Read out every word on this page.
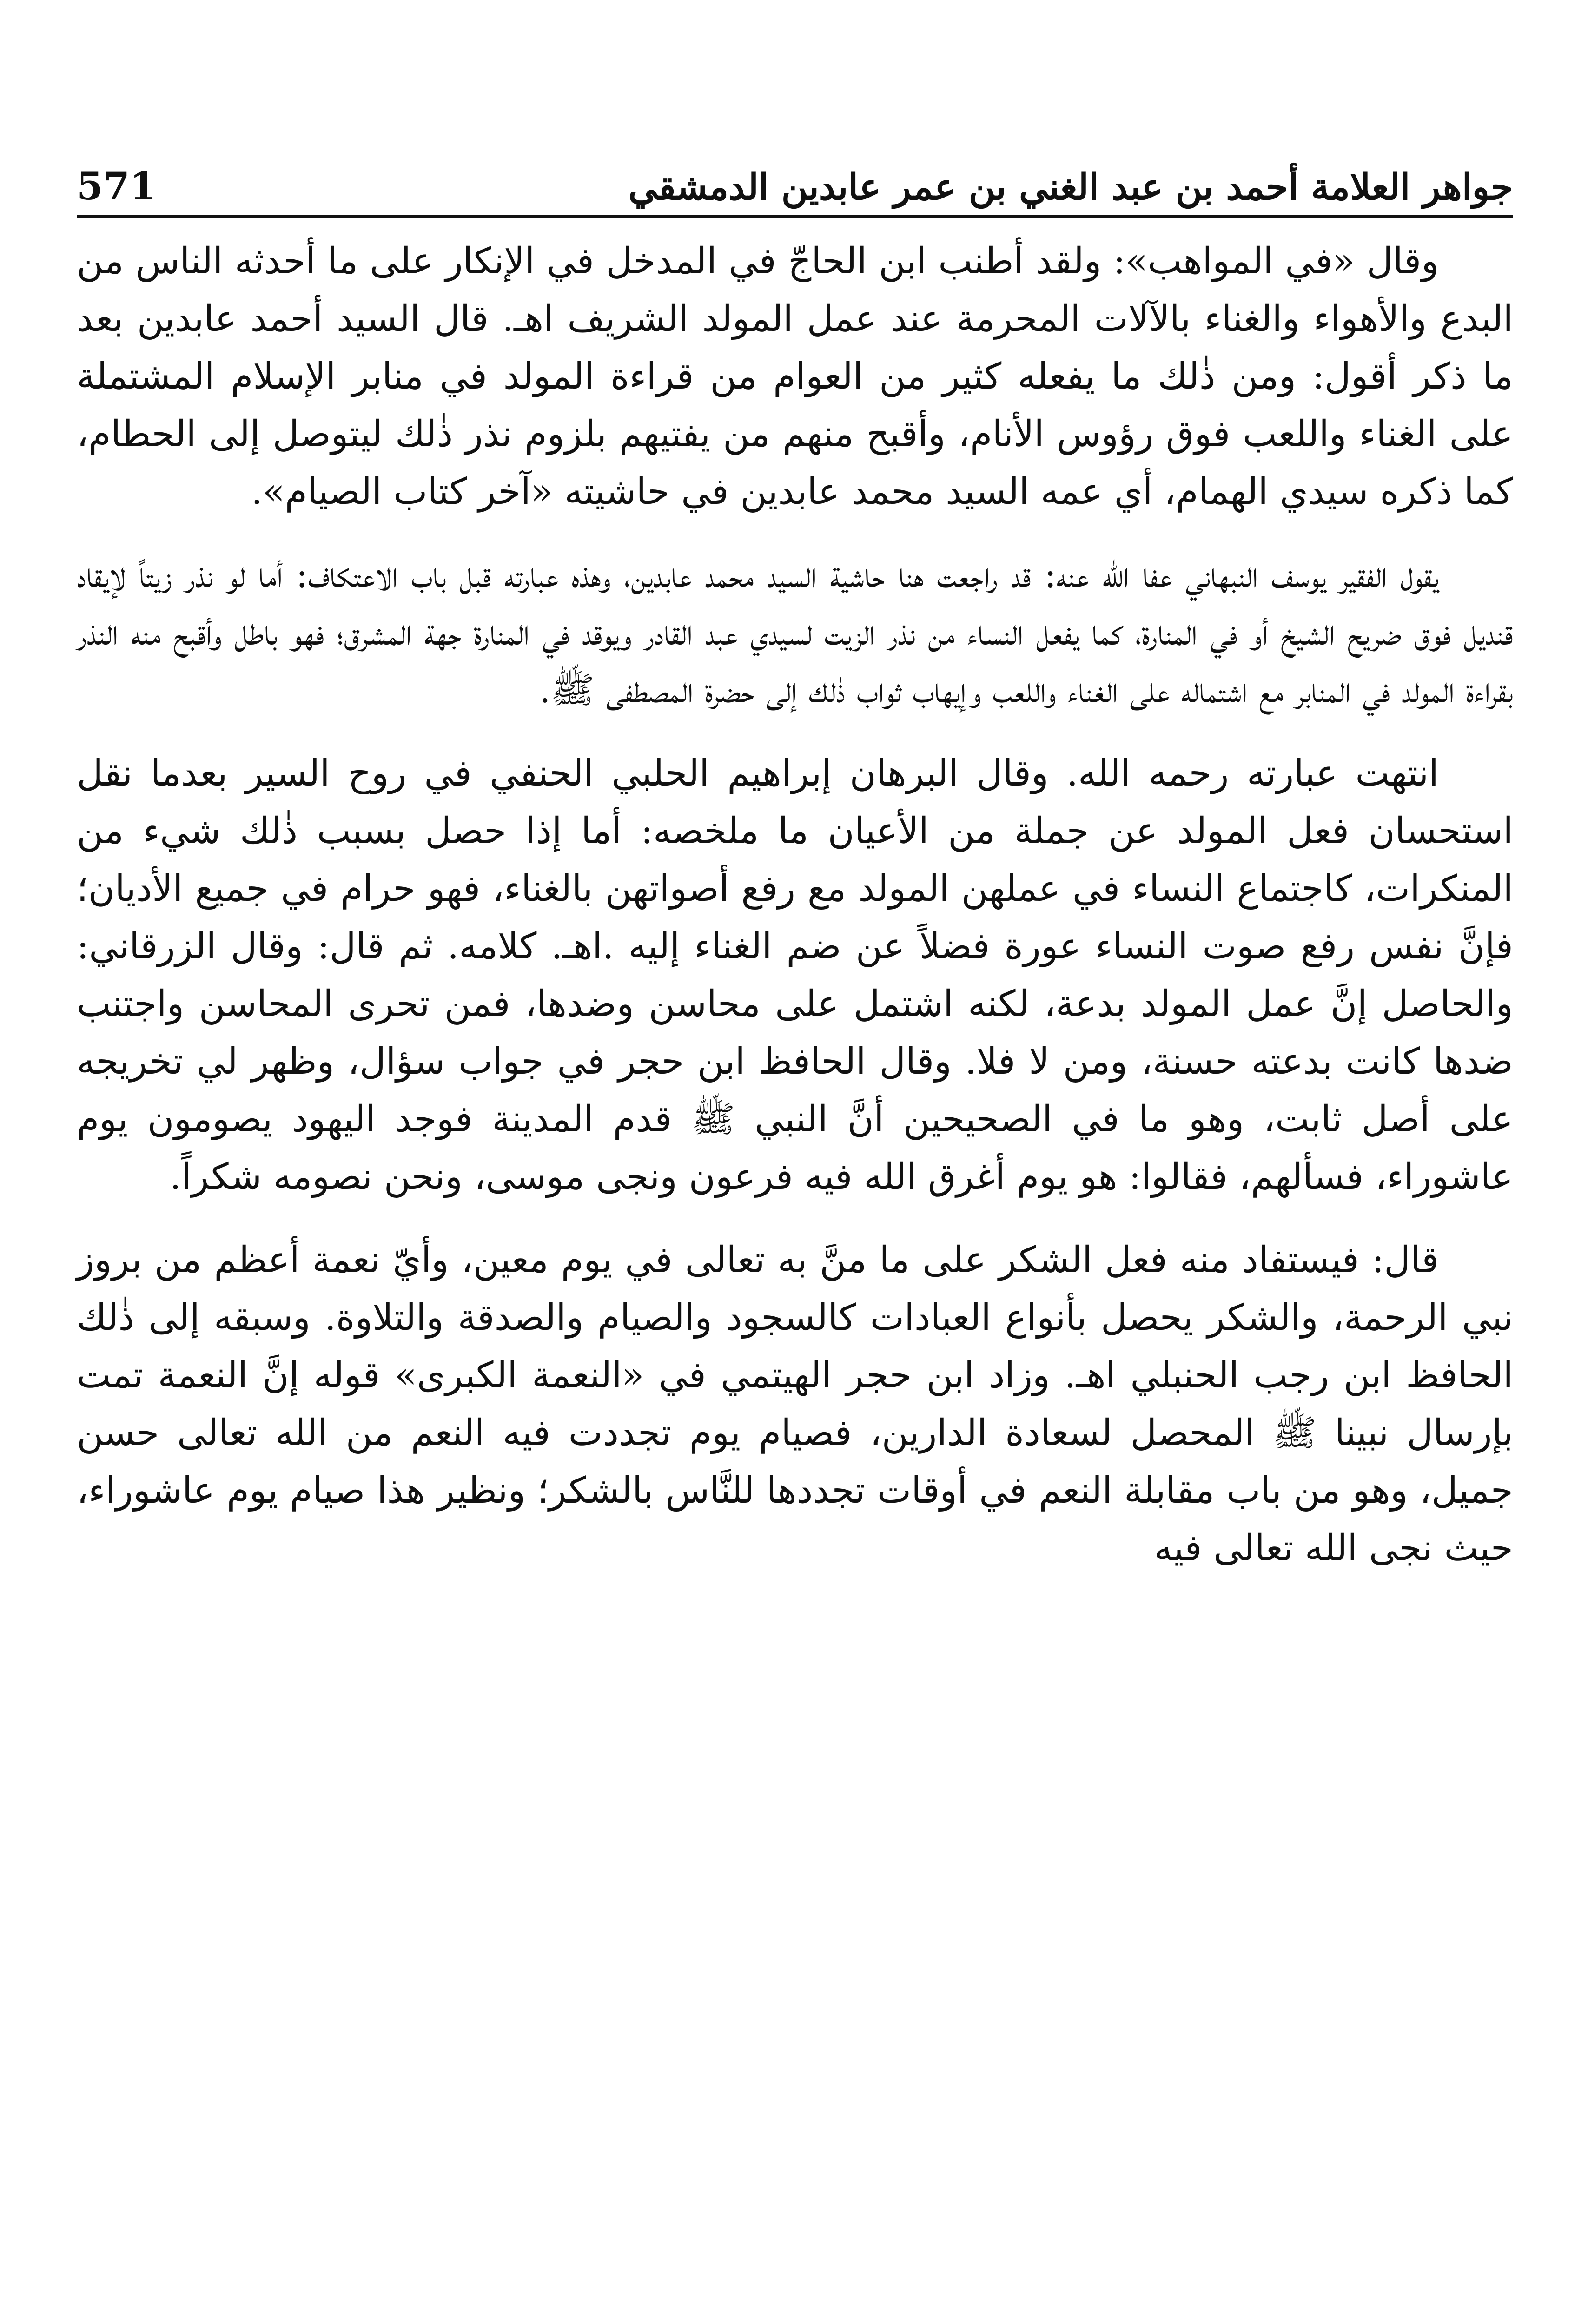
جواهر العلامة أحمد بن عبد الغني بن عمر عابدين الدمشقي
571

وقال «في المواهب»: ولقد أطنب ابن الحاجّ في المدخل في الإنكار على ما أحدثه الناس من البدع والأهواء والغناء بالآلات المحرمة عند عمل المولد الشريف اهـ. قال السيد أحمد عابدين بعد ما ذكر أقول: ومن ذٰلك ما يفعله كثير من العوام من قراءة المولد في منابر الإسلام المشتملة على الغناء واللعب فوق رؤوس الأنام، وأقبح منهم من يفتيهم بلزوم نذر ذٰلك ليتوصل إلى الحطام، كما ذكره سيدي الهمام، أي عمه السيد محمد عابدين في حاشيته «آخر كتاب الصيام».

يقول الفقير يوسف النبهاني عفا الله عنه: قد راجعت هنا حاشية السيد محمد عابدين، وهذه عبارته قبل باب الاعتكاف: أما لو نذر زيتاً لإيقاد قنديل فوق ضريح الشيخ أو في المنارة، كما يفعل النساء من نذر الزيت لسيدي عبد القادر ويوقد في المنارة جهة المشرق؛ فهو باطل وأقبح منه النذر بقراءة المولد في المنابر مع اشتماله على الغناء واللعب وإيهاب ثواب ذٰلك إلى حضرة المصطفى ﷺ.

انتهت عبارته رحمه الله. وقال البرهان إبراهيم الحلبي الحنفي في روح السير بعدما نقل استحسان فعل المولد عن جملة من الأعيان ما ملخصه: أما إذا حصل بسبب ذٰلك شيء من المنكرات، كاجتماع النساء في عملهن المولد مع رفع أصواتهن بالغناء، فهو حرام في جميع الأديان؛ فإنَّ نفس رفع صوت النساء عورة فضلاً عن ضم الغناء إليه .اهـ. كلامه. ثم قال: وقال الزرقاني: والحاصل إنَّ عمل المولد بدعة، لكنه اشتمل على محاسن وضدها، فمن تحرى المحاسن واجتنب ضدها كانت بدعته حسنة، ومن لا فلا. وقال الحافظ ابن حجر في جواب سؤال، وظهر لي تخريجه على أصل ثابت، وهو ما في الصحيحين أنَّ النبي ﷺ قدم المدينة فوجد اليهود يصومون يوم عاشوراء، فسألهم، فقالوا: هو يوم أغرق الله فيه فرعون ونجى موسى، ونحن نصومه شكراً.

قال: فيستفاد منه فعل الشكر على ما منَّ به تعالى في يوم معين، وأيّ نعمة أعظم من بروز نبي الرحمة، والشكر يحصل بأنواع العبادات كالسجود والصيام والصدقة والتلاوة. وسبقه إلى ذٰلك الحافظ ابن رجب الحنبلي اهـ. وزاد ابن حجر الهيتمي في «النعمة الكبرى» قوله إنَّ النعمة تمت بإرسال نبينا ﷺ المحصل لسعادة الدارين، فصيام يوم تجددت فيه النعم من الله تعالى حسن جميل، وهو من باب مقابلة النعم في أوقات تجددها للنَّاس بالشكر؛ ونظير هذا صيام يوم عاشوراء، حيث نجى الله تعالى فيه
